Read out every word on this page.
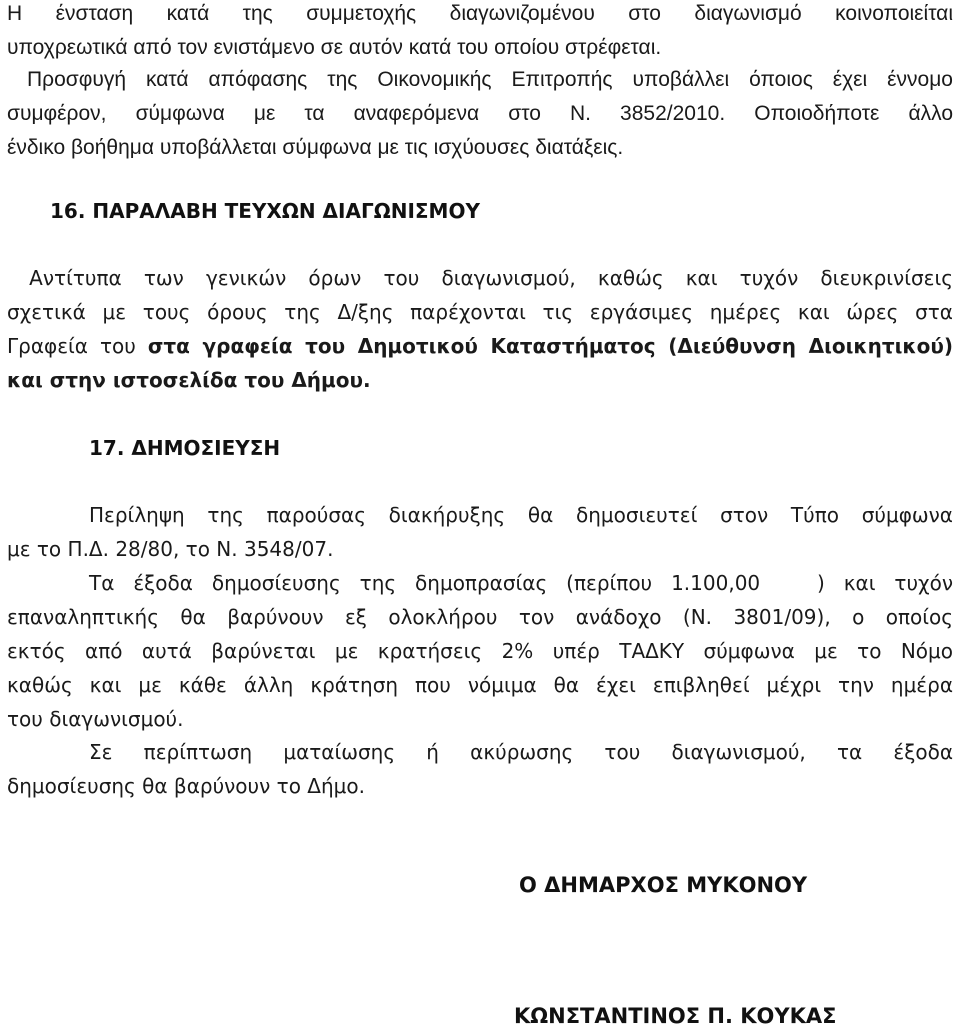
Η ένσταση κατά της συμμετοχής διαγωνιζομένου στο διαγωνισμό κοινοποιείται
υποχρεωτικά από τον ενιστάμενο σε αυτόν κατά του οποίου στρέφεται.
Προσφυγή κατά απόφασης της Οικονομικής Επιτροπής υποβάλλει όποιος έχει έννομο
συμφέρον, σύμφωνα με τα αναφερόμενα στο Ν. 3852/2010. Οποιοδήποτε άλλο
ένδικο βοήθημα υποβάλλεται σύμφωνα με τις ισχύουσες διατάξεις.
16. ΠΑΡΑΛΑΒΗ ΤΕΥΧΩΝ ΔΙΑΓΩΝΙΣΜΟΥ
Αντίτυπα των γενικών όρων του διαγωνισμού, καθώς και τυχόν διευκρινίσεις
σχετικά με τους όρους της Δ/ξης παρέχονται τις εργάσιμες ημέρες και ώρες στα
Γραφεία του στα γραφεία του Δημοτικού Καταστήματος (Διεύθυνση Διοικητικού)
και στην ιστοσελίδα του Δήμου.
17. ΔΗΜΟΣΙΕΥΣΗ
Περίληψη της παρούσας διακήρυξης θα δημοσιευτεί στον Τύπο σύμφωνα
με το Π.Δ. 28/80, το Ν. 3548/07.
Τα έξοδα δημοσίευσης της δημοπρασίας (περίπου 1.100,00   ) και τυχόν
επαναληπτικής θα βαρύνουν εξ ολοκλήρου τον ανάδοχο (Ν. 3801/09), ο οποίος
εκτός από αυτά βαρύνεται με κρατήσεις 2% υπέρ ΤΑΔΚΥ σύμφωνα με το Νόμο
καθώς και με κάθε άλλη κράτηση που νόμιμα θα έχει επιβληθεί μέχρι την ημέρα
του διαγωνισμού.
Σε περίπτωση ματαίωσης ή ακύρωσης του διαγωνισμού, τα έξοδα
δημοσίευσης θα βαρύνουν το Δήμο.
Ο ΔΗΜΑΡΧΟΣ ΜΥΚΟΝΟΥ
ΚΩΝΣΤΑΝΤΙΝΟΣ Π. ΚΟΥΚΑΣ
